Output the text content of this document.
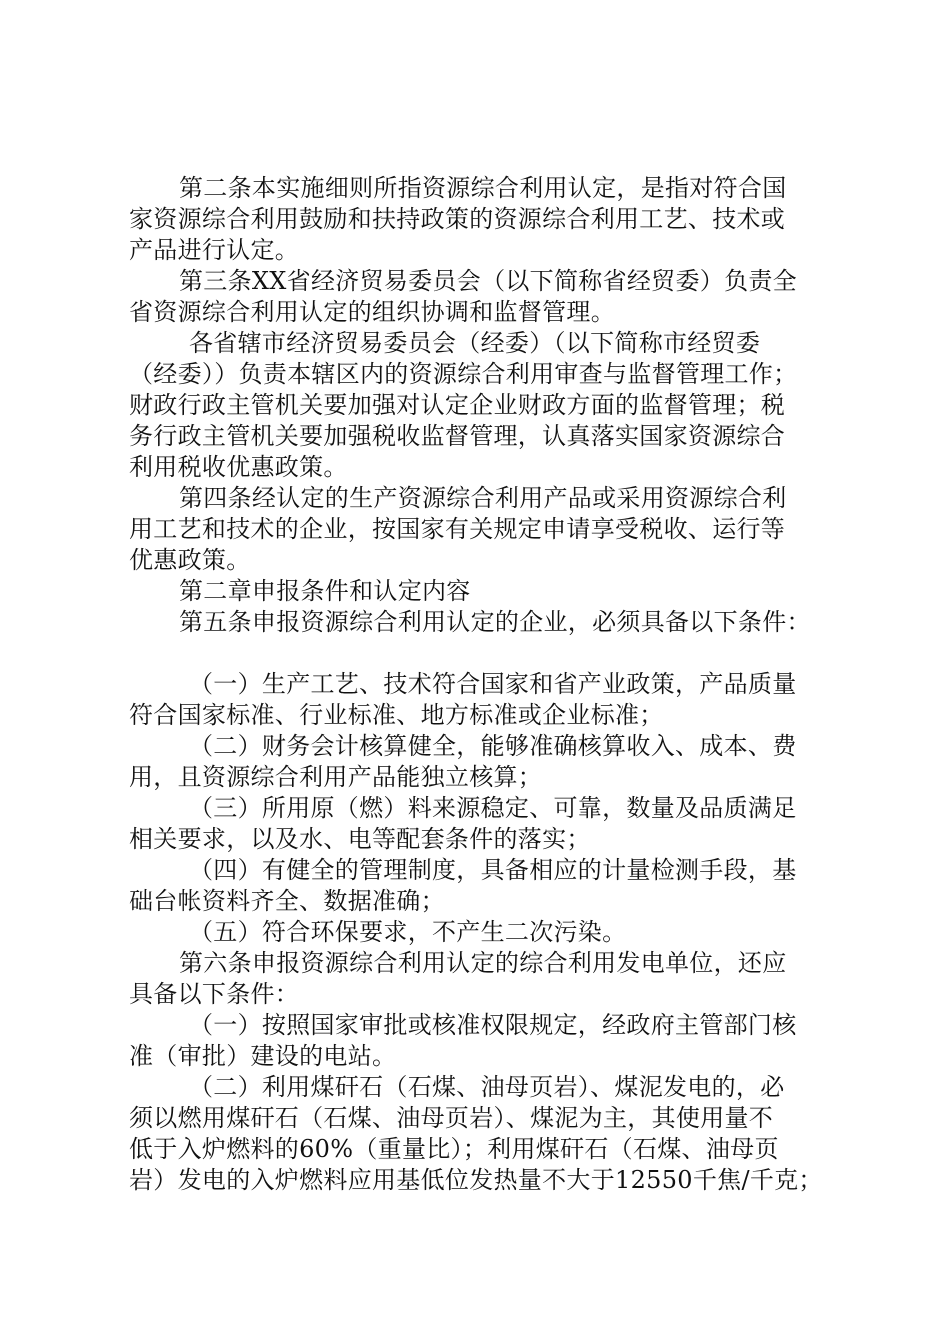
第二条本实施细则所指资源综合利用认定，是指对符合国
家资源综合利用鼓励和扶持政策的资源综合利用工艺、技术或
产品进行认定。
第三条XX省经济贸易委员会（以下简称省经贸委）负责全
省资源综合利用认定的组织协调和监督管理。
各省辖市经济贸易委员会（经委）（以下简称市经贸委
（经委））负责本辖区内的资源综合利用审查与监督管理工作；
财政行政主管机关要加强对认定企业财政方面的监督管理；税
务行政主管机关要加强税收监督管理，认真落实国家资源综合
利用税收优惠政策。
第四条经认定的生产资源综合利用产品或采用资源综合利
用工艺和技术的企业，按国家有关规定申请享受税收、运行等
优惠政策。
第二章申报条件和认定内容
第五条申报资源综合利用认定的企业，必须具备以下条件：
（一）生产工艺、技术符合国家和省产业政策，产品质量
符合国家标准、行业标准、地方标准或企业标准；
（二）财务会计核算健全，能够准确核算收入、成本、费
用，且资源综合利用产品能独立核算；
（三）所用原（燃）料来源稳定、可靠，数量及品质满足
相关要求，以及水、电等配套条件的落实；
（四）有健全的管理制度，具备相应的计量检测手段，基
础台帐资料齐全、数据准确；
（五）符合环保要求，不产生二次污染。
第六条申报资源综合利用认定的综合利用发电单位，还应
具备以下条件：
（一）按照国家审批或核准权限规定，经政府主管部门核
准（审批）建设的电站。
（二）利用煤矸石（石煤、油母页岩）、煤泥发电的，必
须以燃用煤矸石（石煤、油母页岩）、煤泥为主，其使用量不
低于入炉燃料的60%（重量比）；利用煤矸石（石煤、油母页
岩）发电的入炉燃料应用基低位发热量不大于12550千焦/千克；
